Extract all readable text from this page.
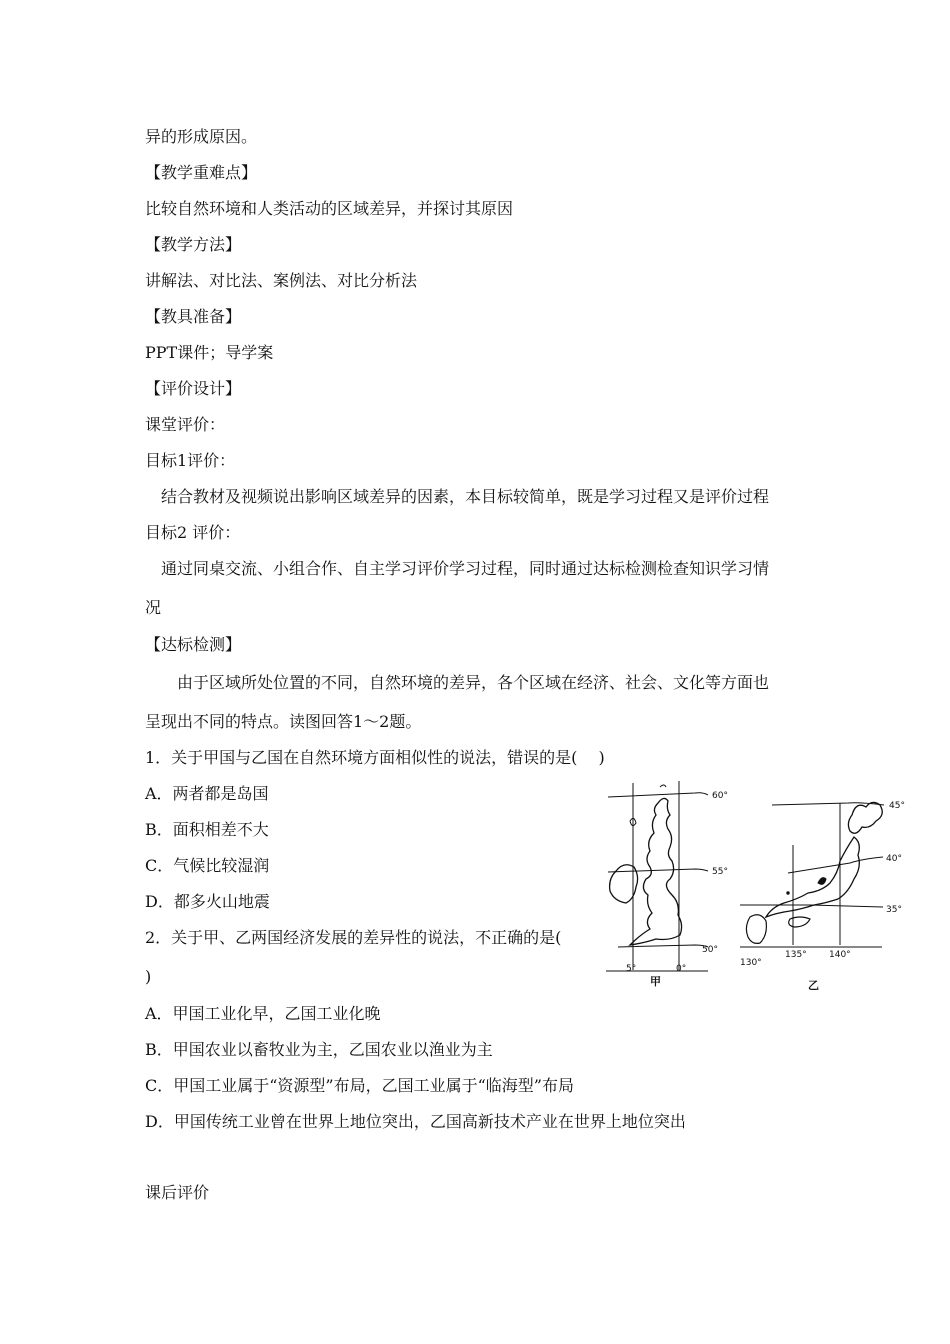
异的形成原因。
【教学重难点】
比较自然环境和人类活动的区域差异，并探讨其原因
【教学方法】
讲解法、对比法、案例法、对比分析法
【教具准备】
PPT课件；导学案
【评价设计】
课堂评价：
目标1评价：
结合教材及视频说出影响区域差异的因素，本目标较简单，既是学习过程又是评价过程
目标2 评价：
通过同桌交流、小组合作、自主学习评价学习过程，同时通过达标检测检查知识学习情
况
【达标检测】
由于区域所处位置的不同，自然环境的差异，各个区域在经济、社会、文化等方面也
呈现出不同的特点。读图回答1～2题。
1．关于甲国与乙国在自然环境方面相似性的说法，错误的是(　 )
A．两者都是岛国
B．面积相差不大
C．气候比较湿润
D．都多火山地震
2．关于甲、乙两国经济发展的差异性的说法，不正确的是(
)
A．甲国工业化早，乙国工业化晚
B．甲国农业以畜牧业为主，乙国农业以渔业为主
C．甲国工业属于“资源型”布局，乙国工业属于“临海型”布局
D．甲国传统工业曾在世界上地位突出，乙国高新技术产业在世界上地位突出
课后评价
60°
55°
50°
5°	0°
甲
45°
40°
35°
130°
135° 140°
乙
